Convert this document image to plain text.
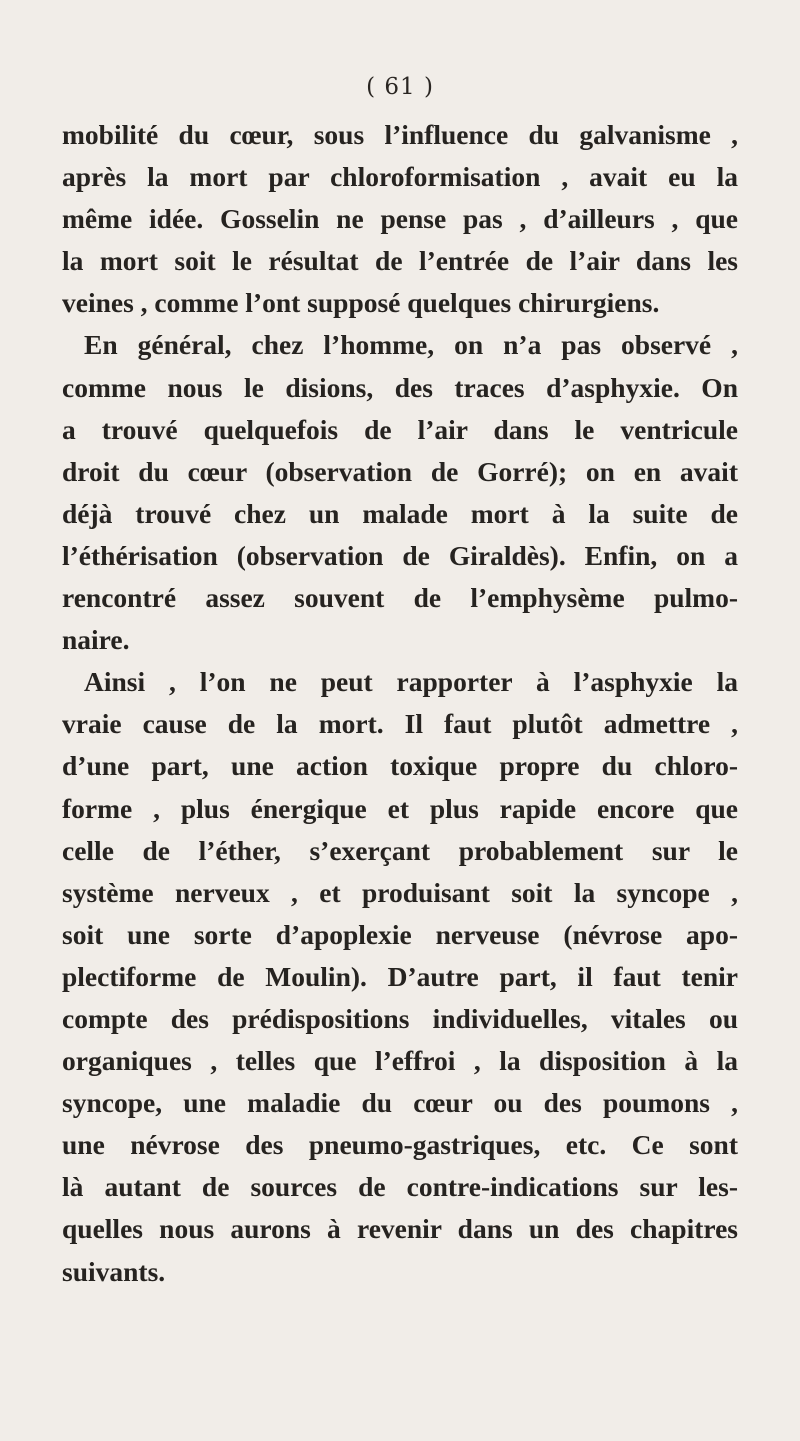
( 61 )
mobilité du cœur, sous l’influence du galvanisme ,
après la mort par chloroformisation , avait eu la
même idée. Gosselin ne pense pas , d’ailleurs , que
la mort soit le résultat de l’entrée de l’air dans les
veines , comme l’ont supposé quelques chirurgiens.
En général, chez l’homme, on n’a pas observé ,
comme nous le disions, des traces d’asphyxie. On
a trouvé quelquefois de l’air dans le ventricule
droit du cœur (observation de Gorré); on en avait
déjà trouvé chez un malade mort à la suite de
l’éthérisation (observation de Giraldès). Enfin, on a
rencontré assez souvent de l’emphysème pulmo-
naire.
Ainsi , l’on ne peut rapporter à l’asphyxie la
vraie cause de la mort. Il faut plutôt admettre ,
d’une part, une action toxique propre du chloro-
forme , plus énergique et plus rapide encore que
celle de l’éther, s’exerçant probablement sur le
système nerveux , et produisant soit la syncope ,
soit une sorte d’apoplexie nerveuse (névrose apo-
plectiforme de Moulin). D’autre part, il faut tenir
compte des prédispositions individuelles, vitales ou
organiques , telles que l’effroi , la disposition à la
syncope, une maladie du cœur ou des poumons ,
une névrose des pneumo-gastriques, etc. Ce sont
là autant de sources de contre-indications sur les-
quelles nous aurons à revenir dans un des chapitres
suivants.
